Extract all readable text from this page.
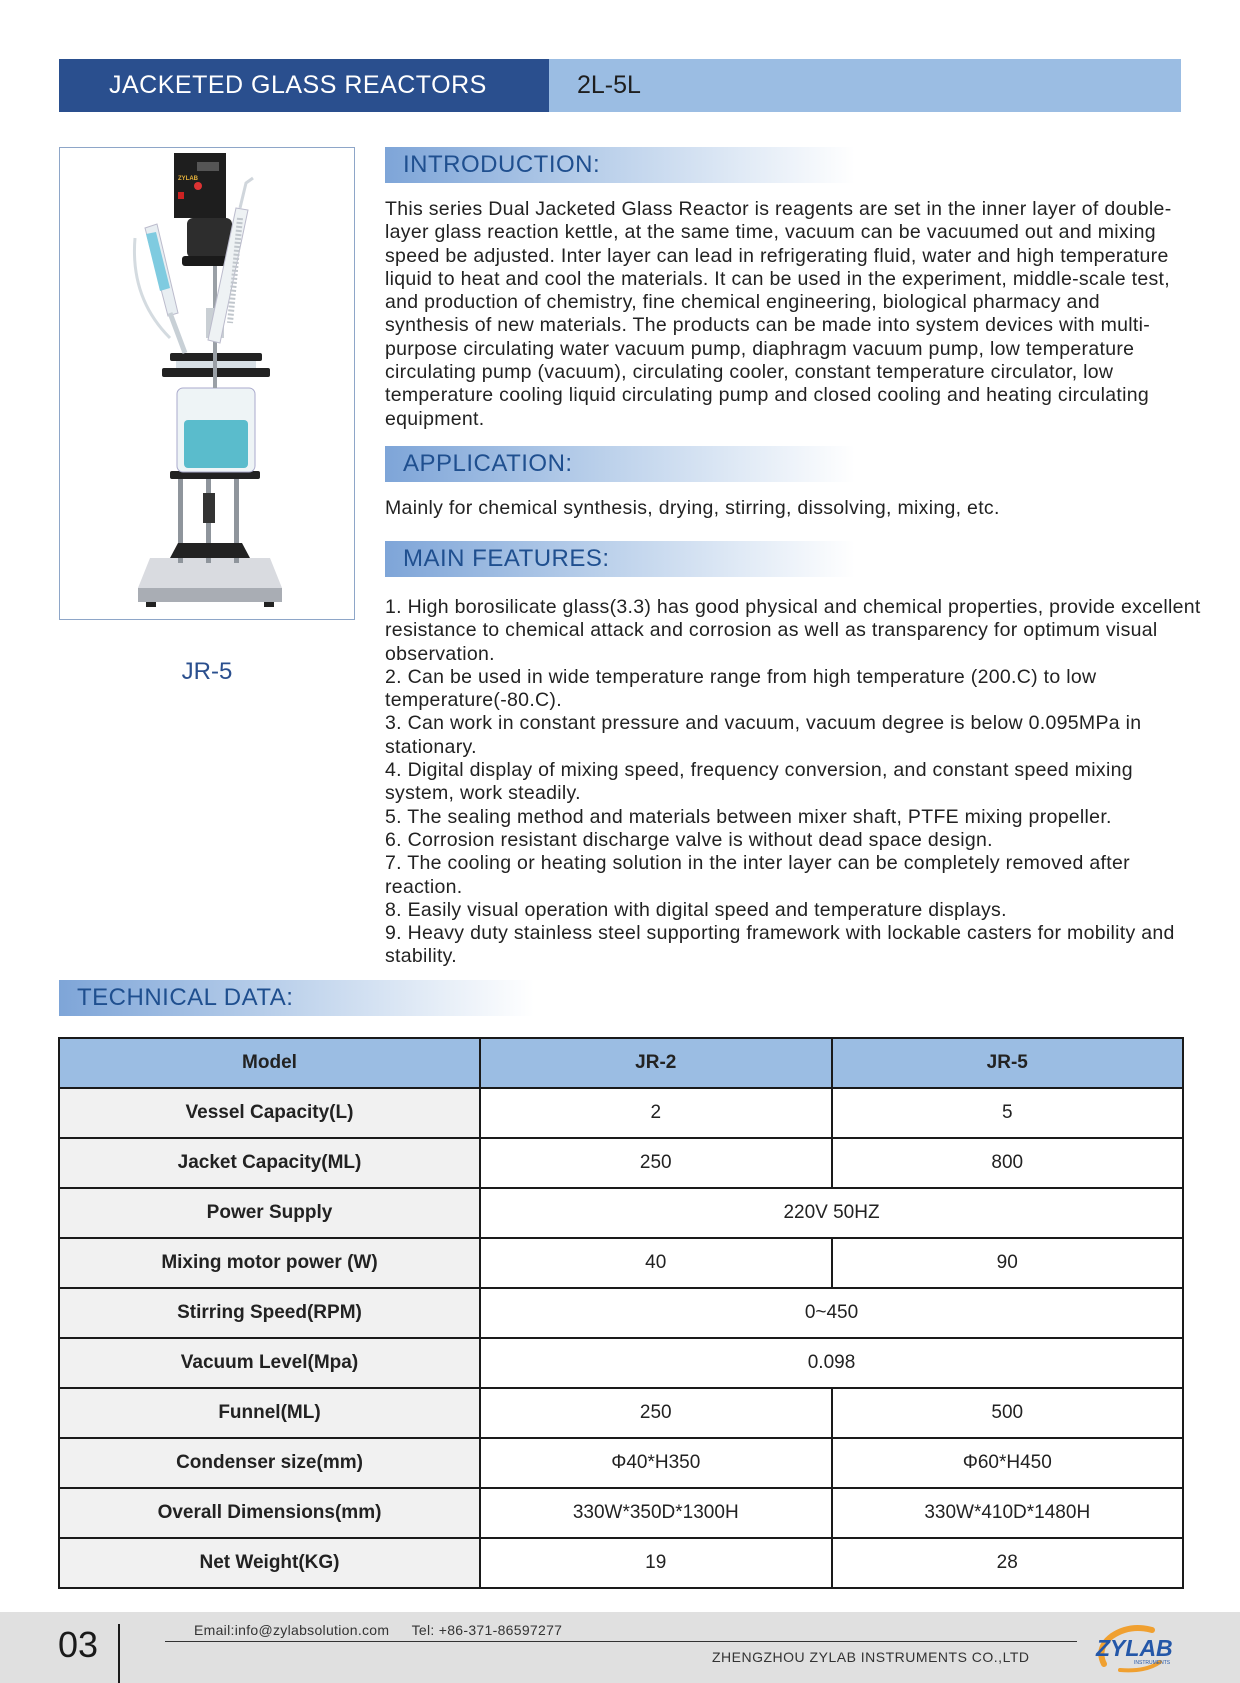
JACKETED GLASS REACTORS	2L-5L
ZYLAB
JR-5
INTRODUCTION:

This series Dual Jacketed Glass Reactor is reagents are set in the inner layer of double-layer glass reaction kettle, at the same time, vacuum can be vacuumed out and mixing speed be adjusted. Inter layer can lead in refrigerating fluid, water and high temperature liquid to heat and cool the materials. It can be used in the experiment, middle-scale test, and production of chemistry, fine chemical engineering, biological pharmacy and synthesis of new materials. The products can be made into system devices with multi-purpose circulating water vacuum pump, diaphragm vacuum pump, low temperature circulating pump (vacuum), circulating cooler, constant temperature circulator, low temperature cooling liquid circulating pump and closed cooling and heating circulating equipment.

APPLICATION:

Mainly for chemical synthesis, drying, stirring, dissolving, mixing, etc.

MAIN FEATURES:
1. High borosilicate glass(3.3) has good physical and chemical properties, provide excellent resistance to chemical attack and corrosion as well as transparency for optimum visual observation.
2. Can be used in wide temperature range from high temperature (200.C) to low temperature(-80.C).
3. Can work in constant pressure and vacuum, vacuum degree is below 0.095MPa in stationary.
4. Digital display of mixing speed, frequency conversion, and constant speed mixing system, work steadily.
5. The sealing method and materials between mixer shaft, PTFE mixing propeller.
6. Corrosion resistant discharge valve is without dead space design.
7. The cooling or heating solution in the inter layer can be completely removed after reaction.
8. Easily visual operation with digital speed and temperature displays.
9. Heavy duty stainless steel supporting framework with lockable casters for mobility and stability.
TECHNICAL DATA:
Model	JR-2	JR-5
Vessel Capacity(L)	2	5
Jacket Capacity(ML)	250	800
Power Supply	220V 50HZ	
Mixing motor power (W)	40	90
Stirring Speed(RPM)	0~450	
Vacuum Level(Mpa)	0.098	
Funnel(ML)	250	500
Condenser size(mm)	Φ40*H350	Φ60*H450
Overall Dimensions(mm)	330W*350D*1300H	330W*410D*1480H
Net Weight(KG)	19	28
03	Email:info@zylabsolution.com Tel: +86-371-86597277
ZHENGZHOU ZYLAB INSTRUMENTS CO.,LTD	ZYLAB
INSTRUMENTS
